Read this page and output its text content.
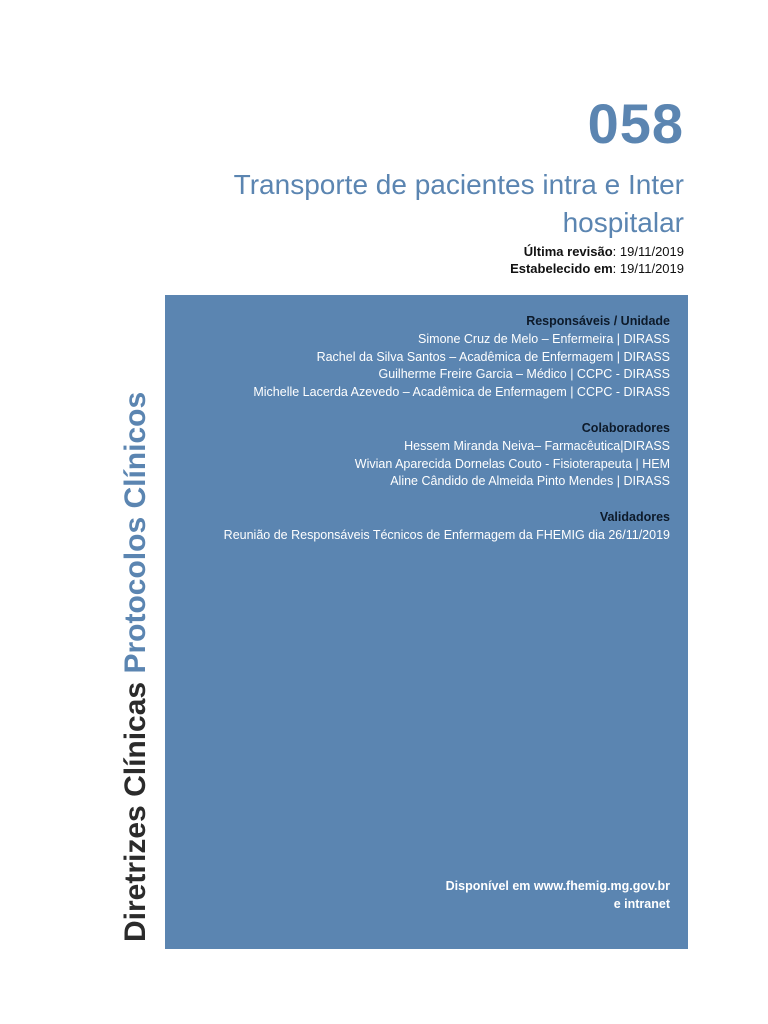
058
Transporte de pacientes intra e Inter
hospitalar
Última revisão: 19/11/2019
Estabelecido em: 19/11/2019
Diretrizes Clínicas Protocolos Clínicos
Responsáveis / Unidade
Simone Cruz de Melo – Enfermeira | DIRASS
Rachel da Silva Santos – Acadêmica de Enfermagem | DIRASS
Guilherme Freire Garcia – Médico | CCPC - DIRASS
Michelle Lacerda Azevedo – Acadêmica de Enfermagem | CCPC - DIRASS
Colaboradores
Hessem Miranda Neiva– Farmacêutica|DIRASS
Wivian Aparecida Dornelas Couto - Fisioterapeuta | HEM
Aline Cândido de Almeida Pinto Mendes | DIRASS
Validadores
Reunião de Responsáveis Técnicos de Enfermagem da FHEMIG dia 26/11/2019
Disponível em www.fhemig.mg.gov.br
e intranet
